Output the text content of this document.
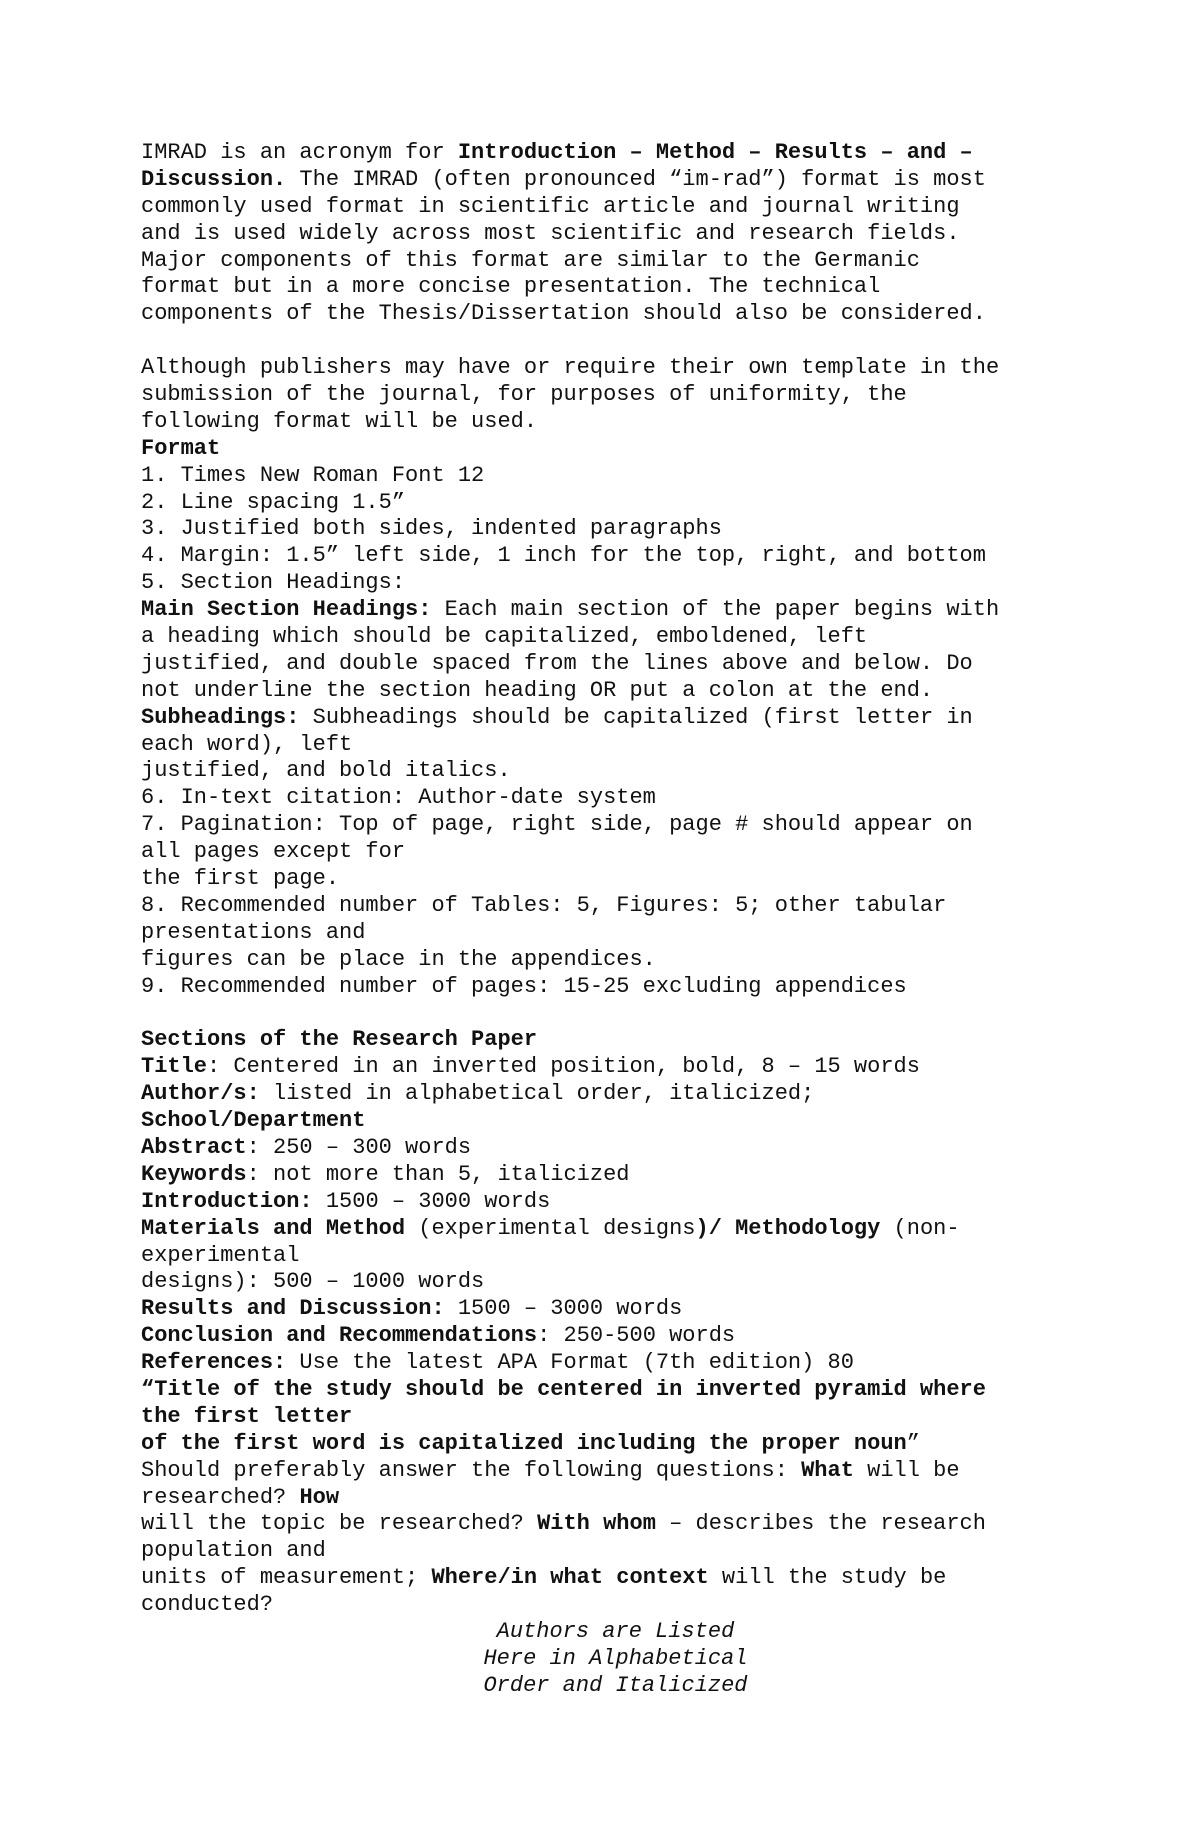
IMRAD is an acronym for Introduction – Method – Results – and –
Discussion. The IMRAD (often pronounced “im-rad”) format is most
commonly used format in scientific article and journal writing
and is used widely across most scientific and research fields.
Major components of this format are similar to the Germanic
format but in a more concise presentation. The technical
components of the Thesis/Dissertation should also be considered.
Although publishers may have or require their own template in the
submission of the journal, for purposes of uniformity, the
following format will be used.
Format
1. Times New Roman Font 12
2. Line spacing 1.5”
3. Justified both sides, indented paragraphs
4. Margin: 1.5” left side, 1 inch for the top, right, and bottom
5. Section Headings:
Main Section Headings: Each main section of the paper begins with
a heading which should be capitalized, emboldened, left
justified, and double spaced from the lines above and below. Do
not underline the section heading OR put a colon at the end.
Subheadings: Subheadings should be capitalized (first letter in
each word), left
justified, and bold italics.
6. In-text citation: Author-date system
7. Pagination: Top of page, right side, page # should appear on
all pages except for
the first page.
8. Recommended number of Tables: 5, Figures: 5; other tabular
presentations and
figures can be place in the appendices.
9. Recommended number of pages: 15-25 excluding appendices
Sections of the Research Paper
Title: Centered in an inverted position, bold, 8 – 15 words
Author/s: listed in alphabetical order, italicized;
School/Department
Abstract: 250 – 300 words
Keywords: not more than 5, italicized
Introduction: 1500 – 3000 words
Materials and Method (experimental designs)/ Methodology (non-
experimental
designs): 500 – 1000 words
Results and Discussion: 1500 – 3000 words
Conclusion and Recommendations: 250-500 words
References: Use the latest APA Format (7th edition) 80
“Title of the study should be centered in inverted pyramid where
the first letter
of the first word is capitalized including the proper noun”
Should preferably answer the following questions: What will be
researched? How
will the topic be researched? With whom – describes the research
population and
units of measurement; Where/in what context will the study be
conducted?
Authors are Listed
Here in Alphabetical
Order and Italicized
